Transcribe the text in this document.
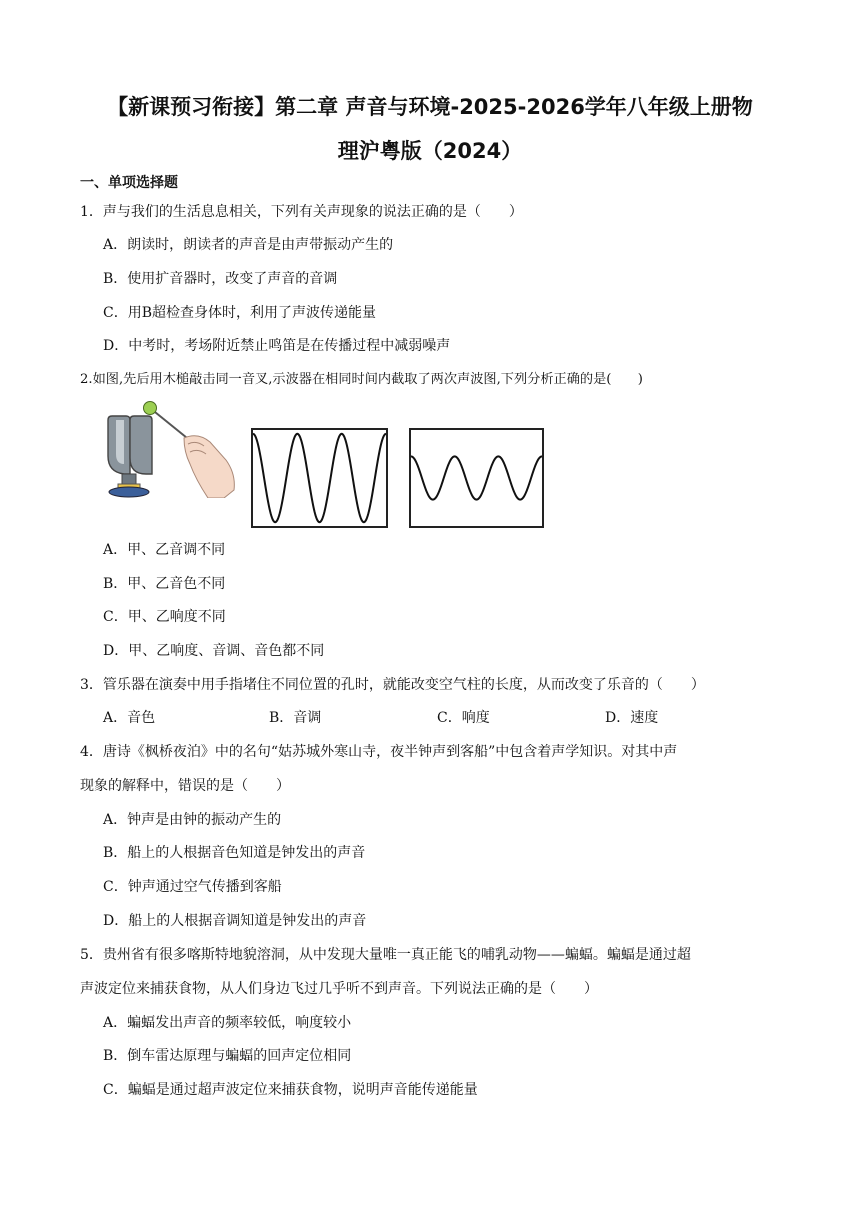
【新课预习衔接】第二章 声音与环境-2025-2026学年八年级上册物
理沪粤版（2024）
一、单项选择题
1．声与我们的生活息息相关，下列有关声现象的说法正确的是（　　）
A．朗读时，朗读者的声音是由声带振动产生的
B．使用扩音器时，改变了声音的音调
C．用B超检查身体时，利用了声波传递能量
D．中考时，考场附近禁止鸣笛是在传播过程中减弱噪声
2.如图,先后用木槌敲击同一音叉,示波器在相同时间内截取了两次声波图,下列分析正确的是(　　)
A．甲、乙音调不同
B．甲、乙音色不同
C．甲、乙响度不同
D．甲、乙响度、音调、音色都不同
3．管乐器在演奏中用手指堵住不同位置的孔时，就能改变空气柱的长度，从而改变了乐音的（　　）
A．音色	B．音调	C．响度	D．速度
4．唐诗《枫桥夜泊》中的名句“姑苏城外寒山寺，夜半钟声到客船”中包含着声学知识。对其中声
现象的解释中，错误的是（　　）
A．钟声是由钟的振动产生的
B．船上的人根据音色知道是钟发出的声音
C．钟声通过空气传播到客船
D．船上的人根据音调知道是钟发出的声音
5．贵州省有很多喀斯特地貌溶洞，从中发现大量唯一真正能飞的哺乳动物——蝙蝠。蝙蝠是通过超
声波定位来捕获食物，从人们身边飞过几乎听不到声音。下列说法正确的是（　　）
A．蝙蝠发出声音的频率较低，响度较小
B．倒车雷达原理与蝙蝠的回声定位相同
C．蝙蝠是通过超声波定位来捕获食物，说明声音能传递能量
